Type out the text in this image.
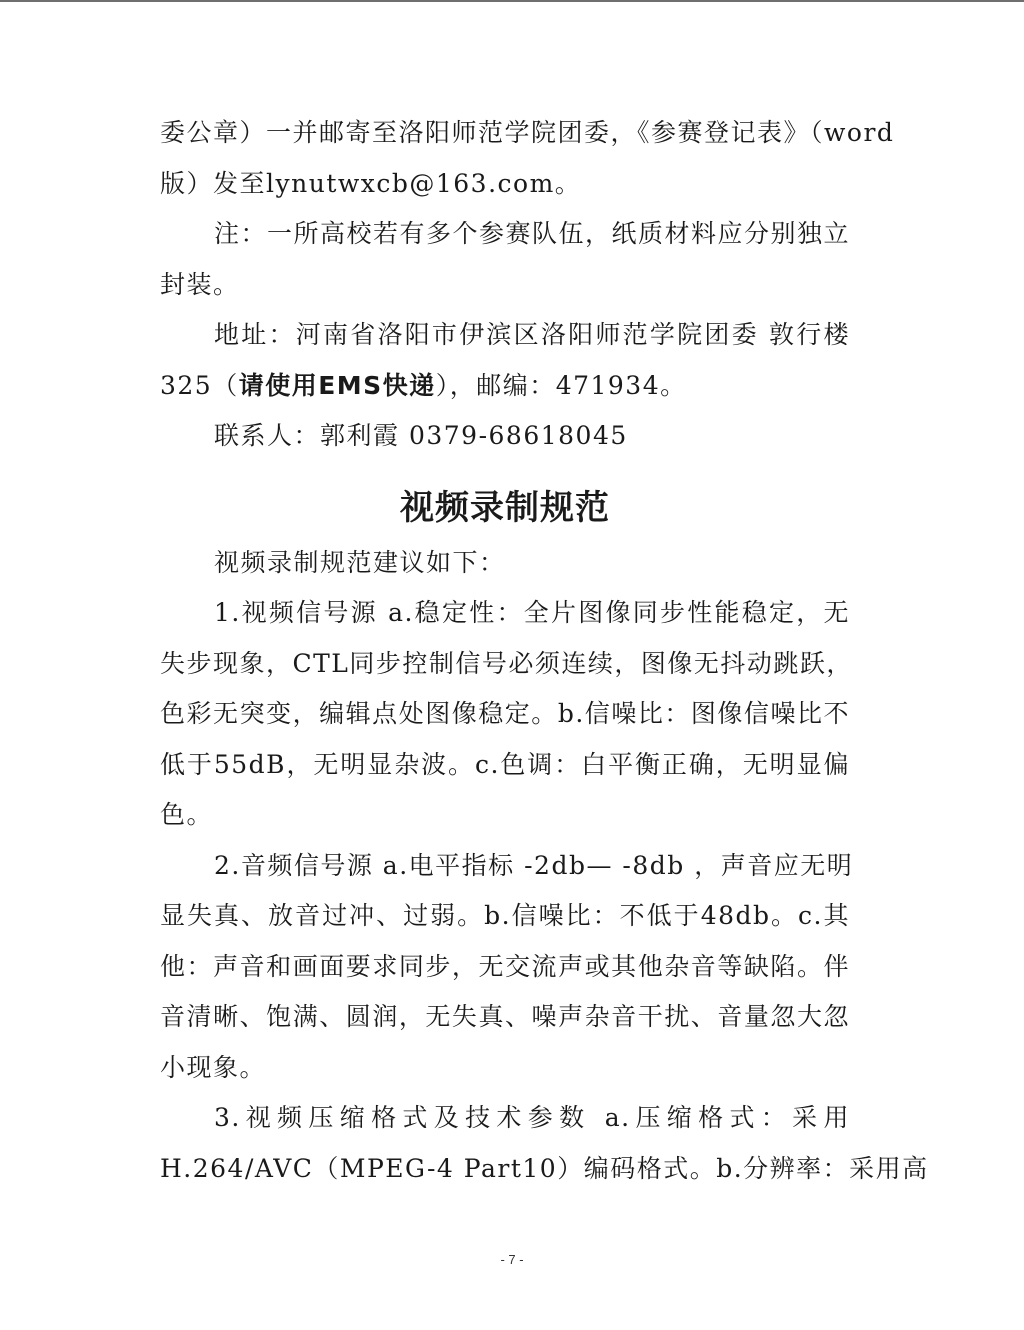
委公章）一并邮寄至洛阳师范学院团委，《参赛登记表》（word
版）发至lynutwxcb@163.com。
注：一所高校若有多个参赛队伍，纸质材料应分别独立
封装。
地址：河南省洛阳市伊滨区洛阳师范学院团委 敦行楼
325（请使用EMS快递），邮编：471934。
联系人：郭利霞 0379-68618045
视频录制规范
视频录制规范建议如下：
1.视频信号源 a.稳定性：全片图像同步性能稳定，无
失步现象，CTL同步控制信号必须连续，图像无抖动跳跃，
色彩无突变，编辑点处图像稳定。b.信噪比：图像信噪比不
低于55dB，无明显杂波。c.色调：白平衡正确，无明显偏
色。
2.音频信号源 a.电平指标 -2db— -8db ，声音应无明
显失真、放音过冲、过弱。b.信噪比：不低于48db。c.其
他：声音和画面要求同步，无交流声或其他杂音等缺陷。伴
音清晰、饱满、圆润，无失真、噪声杂音干扰、音量忽大忽
小现象。
3.视频压缩格式及技术参数 a.压缩格式：采用
H.264/AVC（MPEG-4 Part10）编码格式。b.分辨率：采用高
- 7 -
